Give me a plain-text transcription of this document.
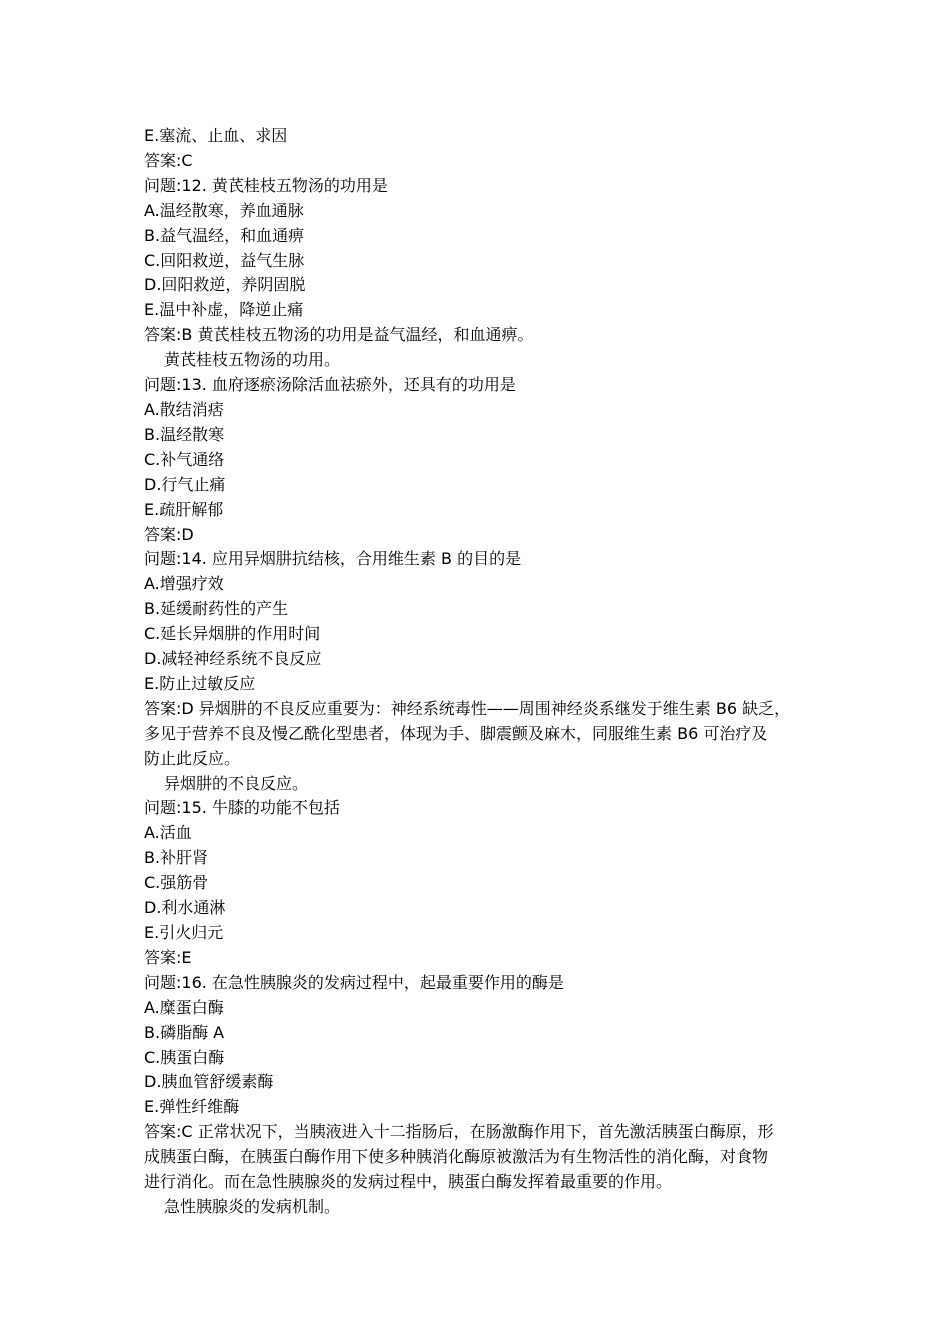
E.塞流、止血、求因
答案:C
问题:12. 黄芪桂枝五物汤的功用是
A.温经散寒，养血通脉
B.益气温经，和血通痹
C.回阳救逆，益气生脉
D.回阳救逆，养阴固脱
E.温中补虚，降逆止痛
答案:B 黄芪桂枝五物汤的功用是益气温经，和血通痹。
黄芪桂枝五物汤的功用。
问题:13. 血府逐瘀汤除活血祛瘀外，还具有的功用是
A.散结消痞
B.温经散寒
C.补气通络
D.行气止痛
E.疏肝解郁
答案:D
问题:14. 应用异烟肼抗结核，合用维生素 B 的目的是
A.增强疗效
B.延缓耐药性的产生
C.延长异烟肼的作用时间
D.减轻神经系统不良反应
E.防止过敏反应
答案:D 异烟肼的不良反应重要为：神经系统毒性——周围神经炎系继发于维生素 B6 缺乏，
多见于营养不良及慢乙酰化型患者，体现为手、脚震颤及麻木，同服维生素 B6 可治疗及
防止此反应。
异烟肼的不良反应。
问题:15. 牛膝的功能不包括
A.活血
B.补肝肾
C.强筋骨
D.利水通淋
E.引火归元
答案:E
问题:16. 在急性胰腺炎的发病过程中，起最重要作用的酶是
A.糜蛋白酶
B.磷脂酶 A
C.胰蛋白酶
D.胰血管舒缓素酶
E.弹性纤维酶
答案:C 正常状况下，当胰液进入十二指肠后，在肠激酶作用下，首先激活胰蛋白酶原，形
成胰蛋白酶，在胰蛋白酶作用下使多种胰消化酶原被激活为有生物活性的消化酶，对食物
进行消化。而在急性胰腺炎的发病过程中，胰蛋白酶发挥着最重要的作用。
急性胰腺炎的发病机制。
